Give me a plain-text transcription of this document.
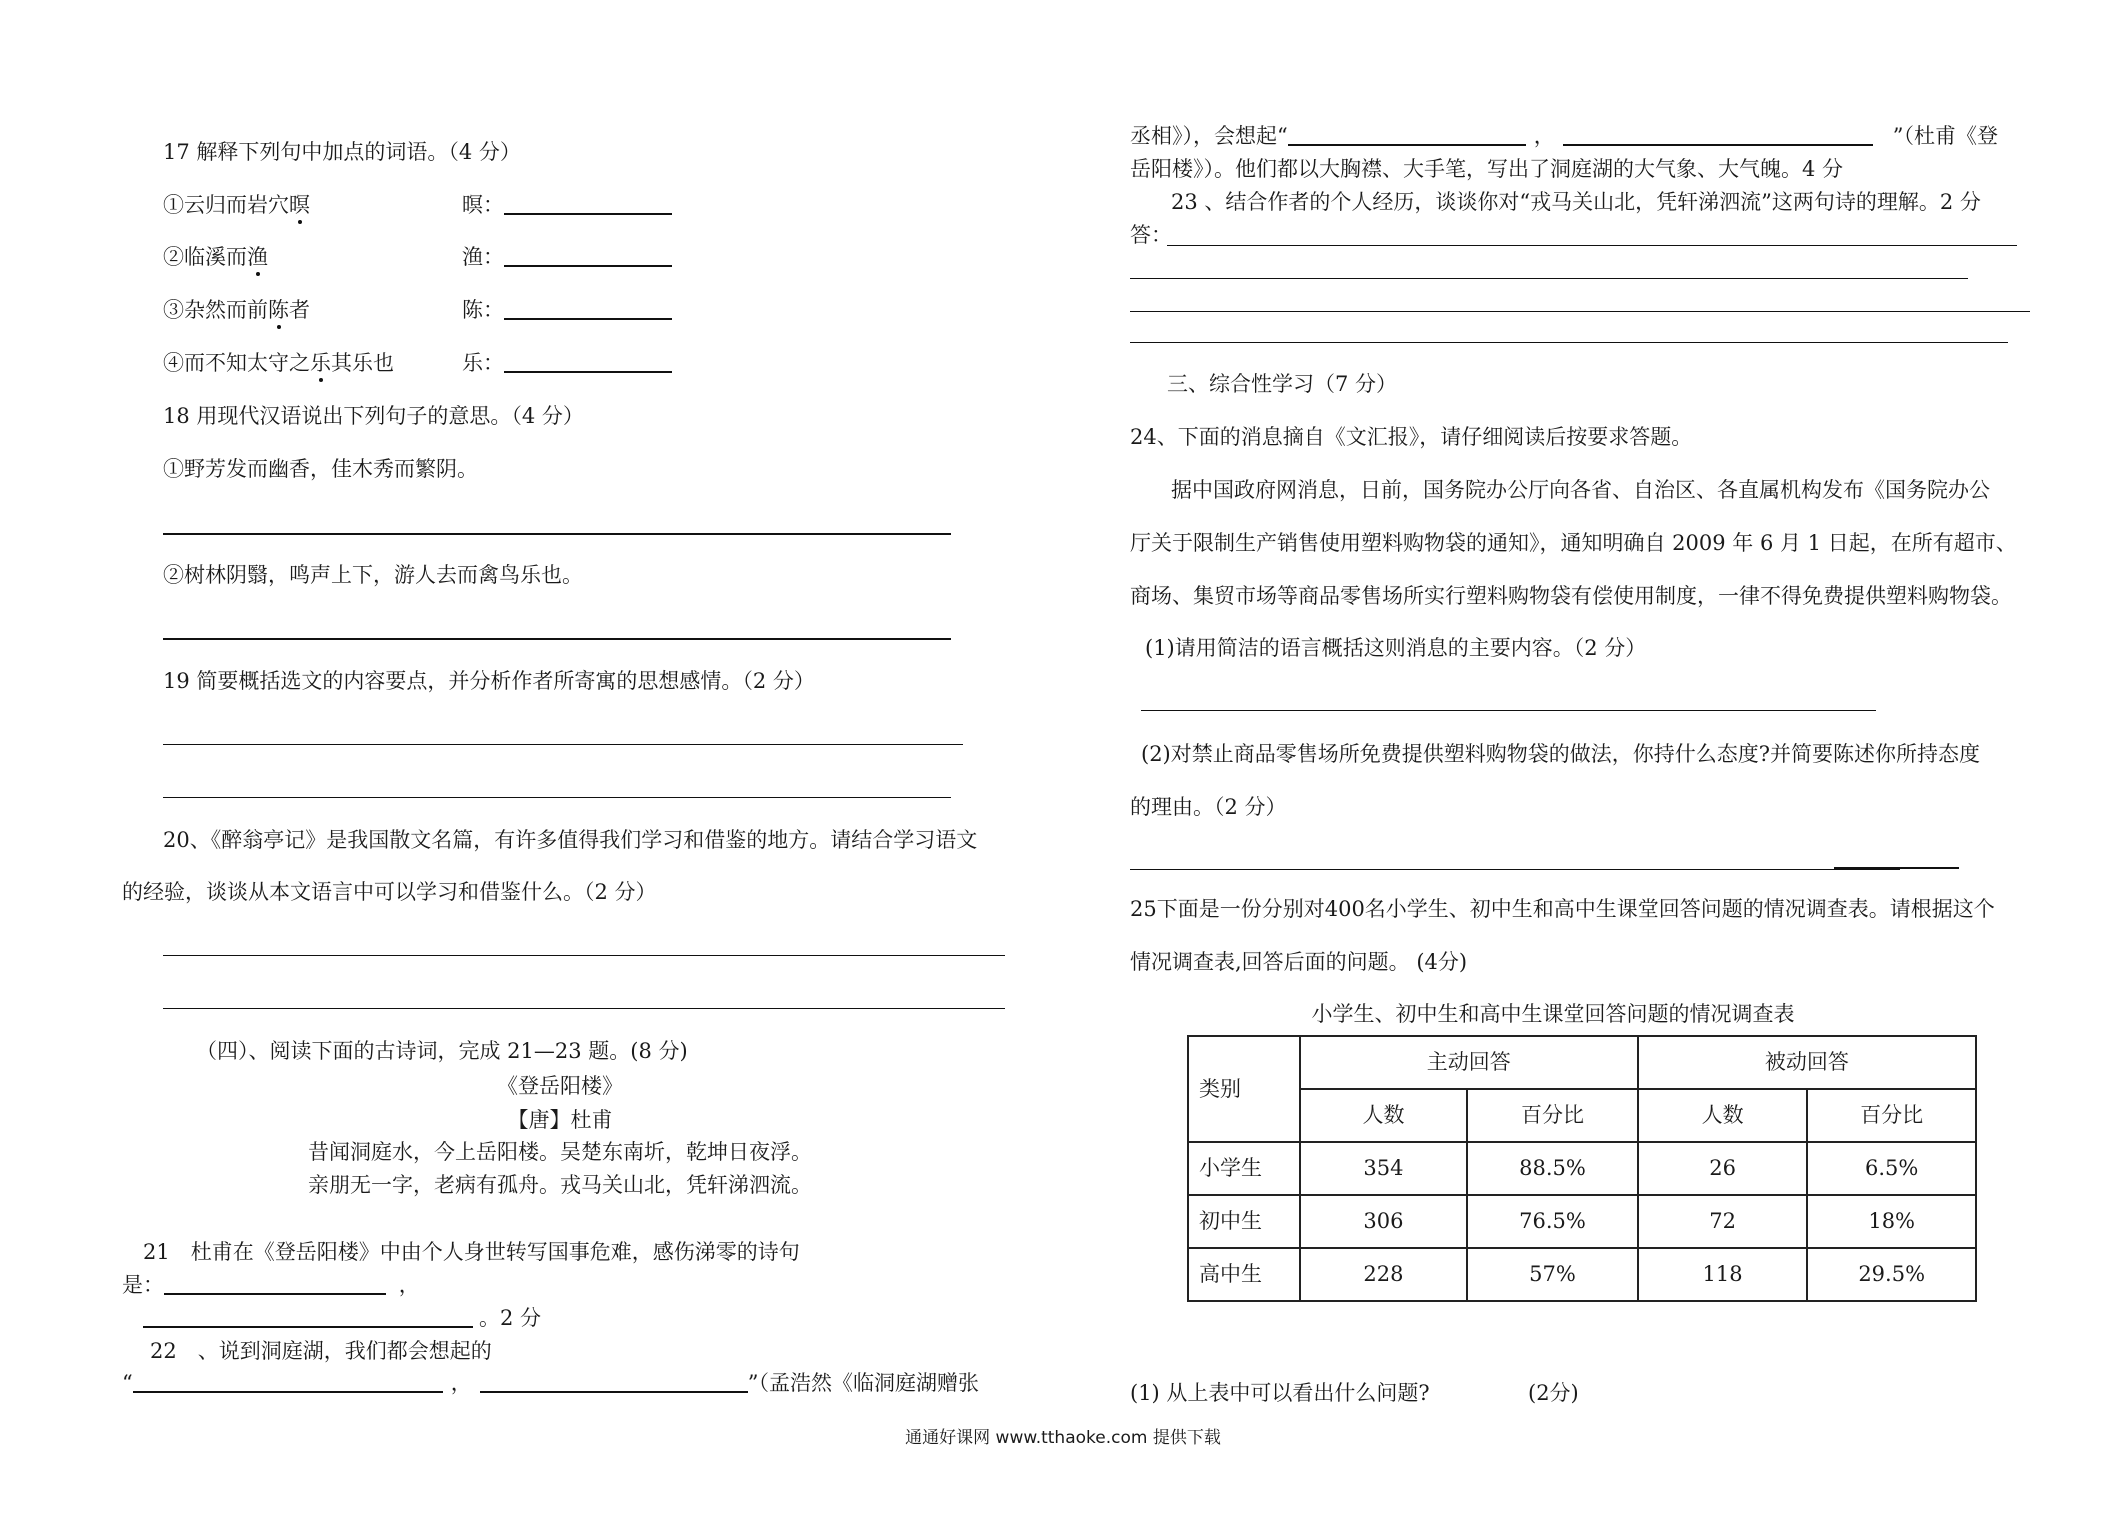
17 解释下列句中加点的词语。（4 分）
①云归而岩穴暝	暝：
②临溪而渔	渔：
③杂然而前陈者	陈：
④而不知太守之乐其乐也	乐：
18 用现代汉语说出下列句子的意思。（4 分）
①野芳发而幽香，佳木秀而繁阴。
②树林阴翳，鸣声上下，游人去而禽鸟乐也。
19 简要概括选文的内容要点，并分析作者所寄寓的思想感情。（2 分）
20、《醉翁亭记》是我国散文名篇，有许多值得我们学习和借鉴的地方。请结合学习语文
的经验，谈谈从本文语言中可以学习和借鉴什么。（2 分）
（四）、阅读下面的古诗词，完成 21—23 题。(8 分)
《登岳阳楼》
【唐】杜甫
昔闻洞庭水，今上岳阳楼。吴楚东南圻，乾坤日夜浮。
亲朋无一字，老病有孤舟。戎马关山北，凭轩涕泗流。
21　杜甫在《登岳阳楼》中由个人身世转写国事危难，感伤涕零的诗句
是：	，
。2 分
22　、说到洞庭湖，我们都会想起的
“	，	”（孟浩然《临洞庭湖赠张
丞相》），会想起“	，	”（杜甫《登
岳阳楼》）。他们都以大胸襟、大手笔，写出了洞庭湖的大气象、大气魄。4 分
23 、结合作者的个人经历，谈谈你对“戎马关山北，凭轩涕泗流”这两句诗的理解。2 分
答：
三、综合性学习（7 分）
24、下面的消息摘自《文汇报》，请仔细阅读后按要求答题。
据中国政府网消息，日前，国务院办公厅向各省、自治区、各直属机构发布《国务院办公
厅关于限制生产销售使用塑料购物袋的通知》，通知明确自 2009 年 6 月 1 日起，在所有超市、
商场、集贸市场等商品零售场所实行塑料购物袋有偿使用制度，一律不得免费提供塑料购物袋。
(1)请用简洁的语言概括这则消息的主要内容。（2 分）
(2)对禁止商品零售场所免费提供塑料购物袋的做法，你持什么态度?并简要陈述你所持态度
的理由。（2 分）
25下面是一份分别对400名小学生、初中生和高中生课堂回答问题的情况调查表。请根据这个
情况调查表,回答后面的问题。 (4分)
小学生、初中生和高中生课堂回答问题的情况调查表
类别	主动回答		被动回答	
	人数	百分比	人数	百分比
小学生	354	88.5%	26	6.5%
初中生	306	76.5%	72	18%
高中生	228	57%	118	29.5%
(1) 从上表中可以看出什么问题?	(2分)
通通好课网 www.tthaoke.com 提供下载
